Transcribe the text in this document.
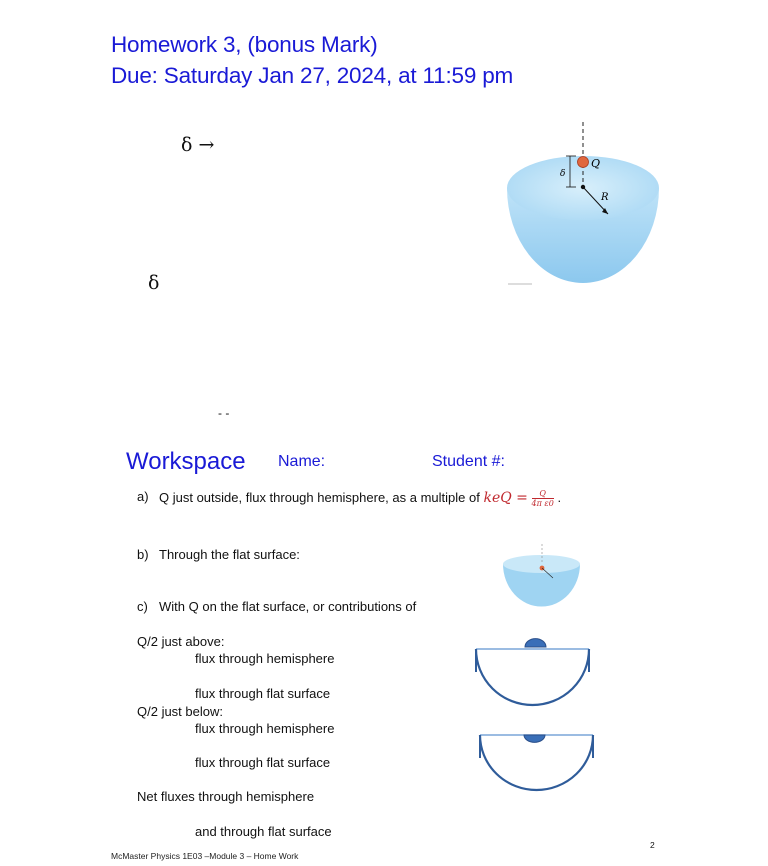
Homework 3, (bonus Mark)
Due: Saturday Jan 27, 2024, at 11:59 pm
δ →
δ
- -
δ
Q
R
Workspace Name:	Student #:
a) Q just outside, flux through hemisphere, as a multiple of keQ = $\frac{Q}{\text{4π ε0}}$ .
b) Through the flat surface:
c) With Q on the flat surface, or contributions of
Q/2 just above:
flux through hemisphere
flux through flat surface
Q/2 just below:
flux through hemisphere
flux through flat surface
Net fluxes through hemisphere
and through flat surface
McMaster Physics 1E03 –Module 3 – Home Work
2
